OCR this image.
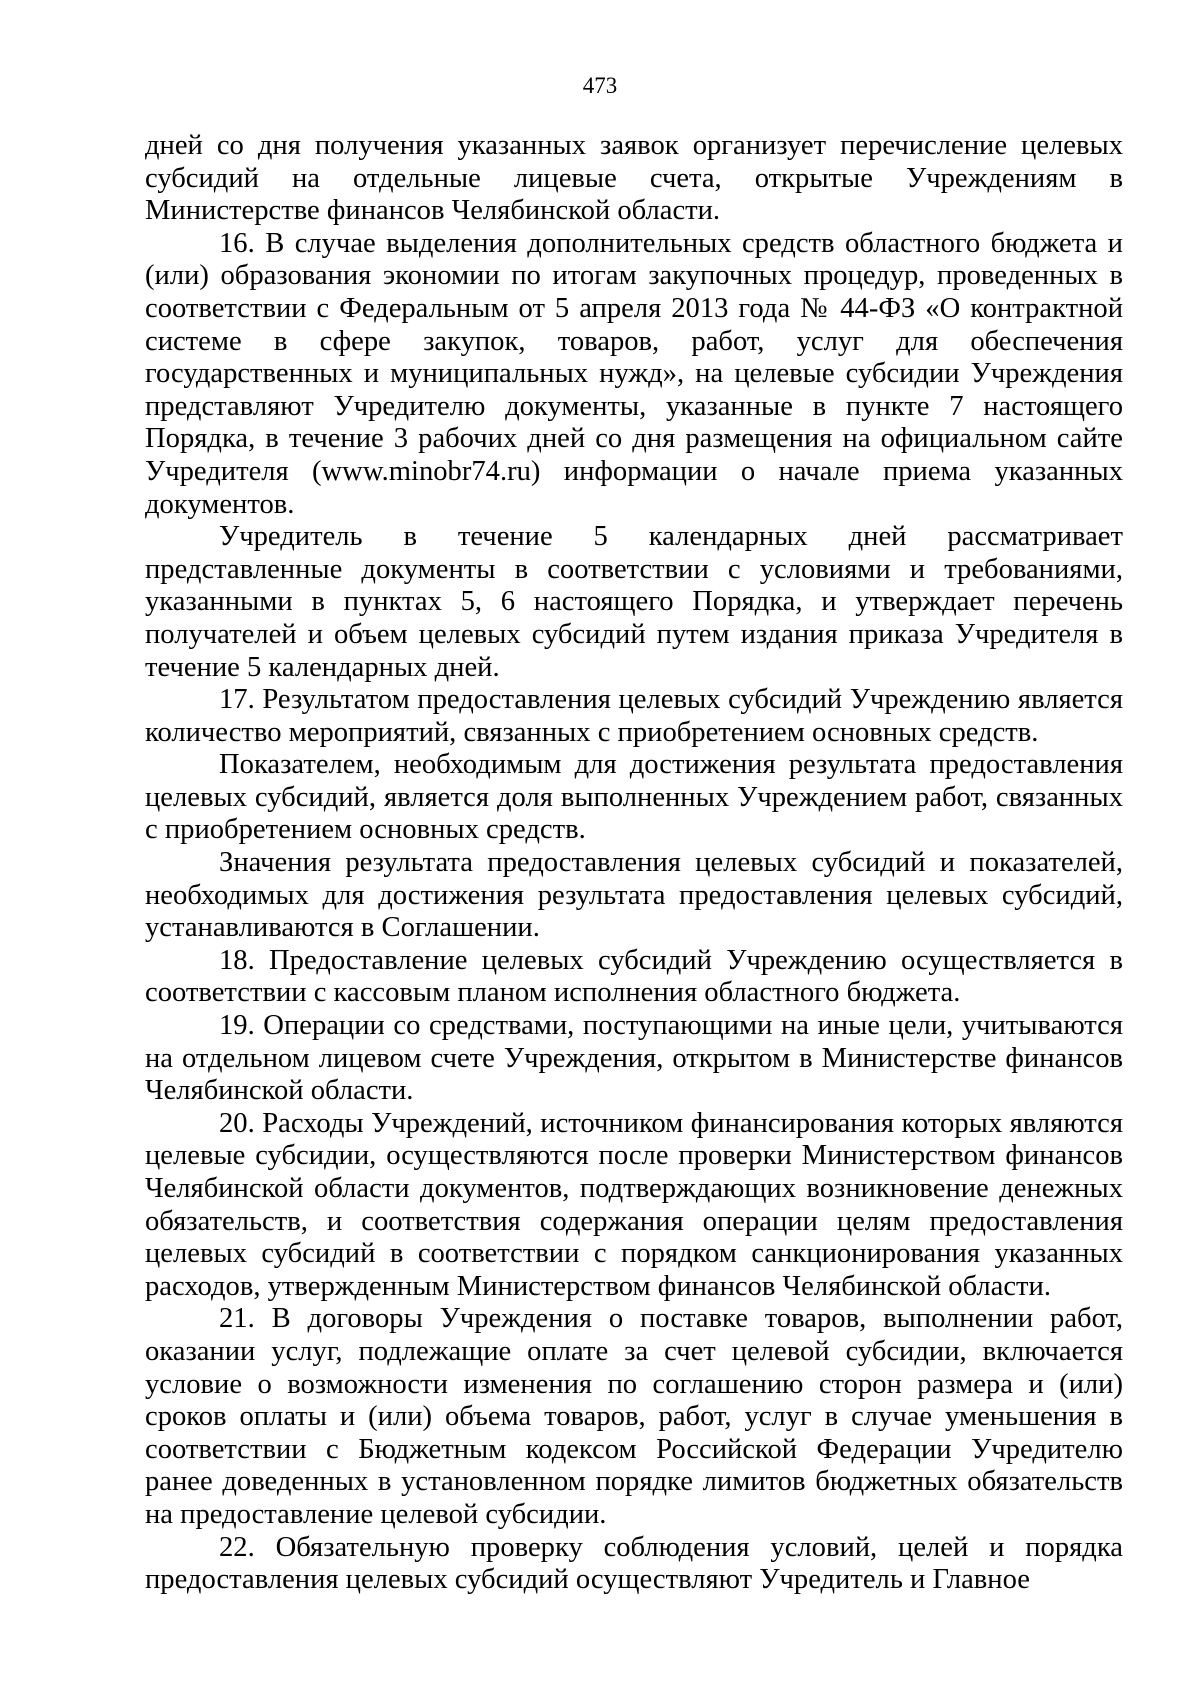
473

дней со дня получения указанных заявок организует перечисление целевых субсидий на отдельные лицевые счета, открытые Учреждениям в Министерстве финансов Челябинской области.

16. В случае выделения дополнительных средств областного бюджета и (или) образования экономии по итогам закупочных процедур, проведенных в соответствии с Федеральным от 5 апреля 2013 года № 44-ФЗ «О контрактной системе в сфере закупок, товаров, работ, услуг для обеспечения государственных и муниципальных нужд», на целевые субсидии Учреждения представляют Учредителю документы, указанные в пункте 7 настоящего Порядка, в течение 3 рабочих дней со дня размещения на официальном сайте Учредителя (www.minobr74.ru) информации о начале приема указанных документов.

Учредитель в течение 5 календарных дней рассматривает представленные документы в соответствии с условиями и требованиями, указанными в пунктах 5, 6 настоящего Порядка, и утверждает перечень получателей и объем целевых субсидий путем издания приказа Учредителя в течение 5 календарных дней.

17. Результатом предоставления целевых субсидий Учреждению является количество мероприятий, связанных с приобретением основных средств.

Показателем, необходимым для достижения результата предоставления целевых субсидий, является доля выполненных Учреждением работ, связанных с приобретением основных средств.

Значения результата предоставления целевых субсидий и показателей, необходимых для достижения результата предоставления целевых субсидий, устанавливаются в Соглашении.

18. Предоставление целевых субсидий Учреждению осуществляется в соответствии с кассовым планом исполнения областного бюджета.

19. Операции со средствами, поступающими на иные цели, учитываются на отдельном лицевом счете Учреждения, открытом в Министерстве финансов Челябинской области.

20. Расходы Учреждений, источником финансирования которых являются целевые субсидии, осуществляются после проверки Министерством финансов Челябинской области документов, подтверждающих возникновение денежных обязательств, и соответствия содержания операции целям предоставления целевых субсидий в соответствии с порядком санкционирования указанных расходов, утвержденным Министерством финансов Челябинской области.

21. В договоры Учреждения о поставке товаров, выполнении работ, оказании услуг, подлежащие оплате за счет целевой субсидии, включается условие о возможности изменения по соглашению сторон размера и (или) сроков оплаты и (или) объема товаров, работ, услуг в случае уменьшения в соответствии с Бюджетным кодексом Российской Федерации Учредителю ранее доведенных в установленном порядке лимитов бюджетных обязательств на предоставление целевой субсидии.

22. Обязательную проверку соблюдения условий, целей и порядка предоставления целевых субсидий осуществляют Учредитель и Главное
